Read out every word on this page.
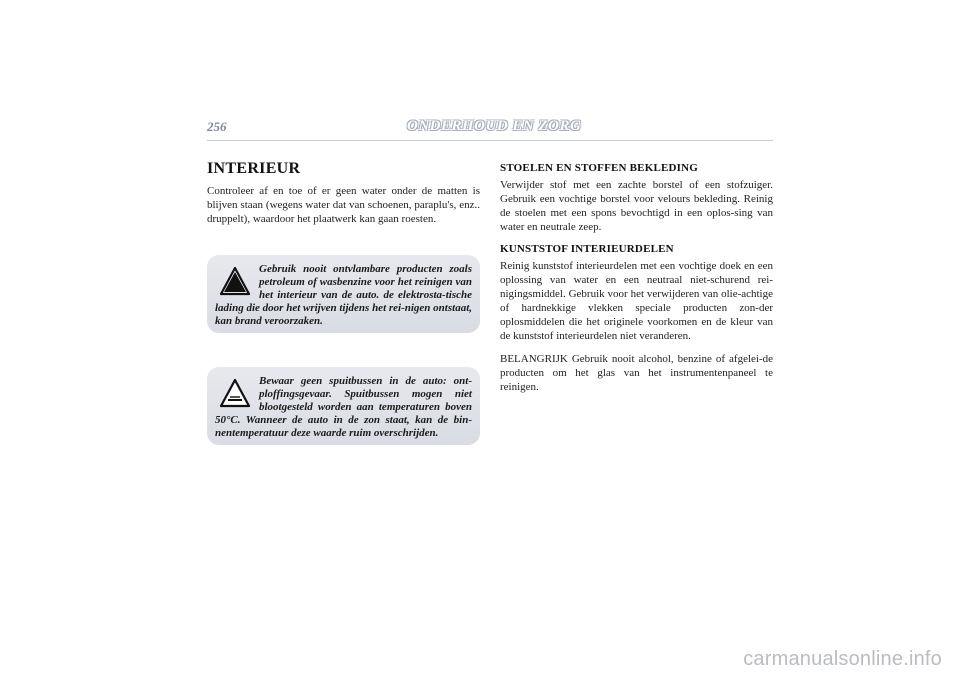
256	ONDERHOUD EN ZORG
INTERIEUR

Controleer af en toe of er geen water onder de matten is blijven staan (wegens water dat van schoenen, paraplu's, enz.. druppelt), waardoor het plaatwerk kan gaan roesten.

Gebruik nooit ontvlambare producten zoals petroleum of wasbenzine voor het reinigen van het interieur van de auto. de elektrosta-tische lading die door het wrijven tijdens het rei-nigen ontstaat, kan brand veroorzaken.

Bewaar geen spuitbussen in de auto: ont-ploffingsgevaar. Spuitbussen mogen niet blootgesteld worden aan temperaturen boven 50°C. Wanneer de auto in de zon staat, kan de bin-nentemperatuur deze waarde ruim overschrijden.

STOELEN EN STOFFEN BEKLEDING

Verwijder stof met een zachte borstel of een stofzuiger. Gebruik een vochtige borstel voor velours bekleding. Reinig de stoelen met een spons bevochtigd in een oplos-sing van water en neutrale zeep.

KUNSTSTOF INTERIEURDELEN

Reinig kunststof interieurdelen met een vochtige doek en een oplossing van water en een neutraal niet-schurend rei-nigingsmiddel. Gebruik voor het verwijderen van olie-achtige of hardnekkige vlekken speciale producten zon-der oplosmiddelen die het originele voorkomen en de kleur van de kunststof interieurdelen niet veranderen.

BELANGRIJK Gebruik nooit alcohol, benzine of afgelei-de producten om het glas van het instrumentenpaneel te reinigen.

carmanualsonline.info
